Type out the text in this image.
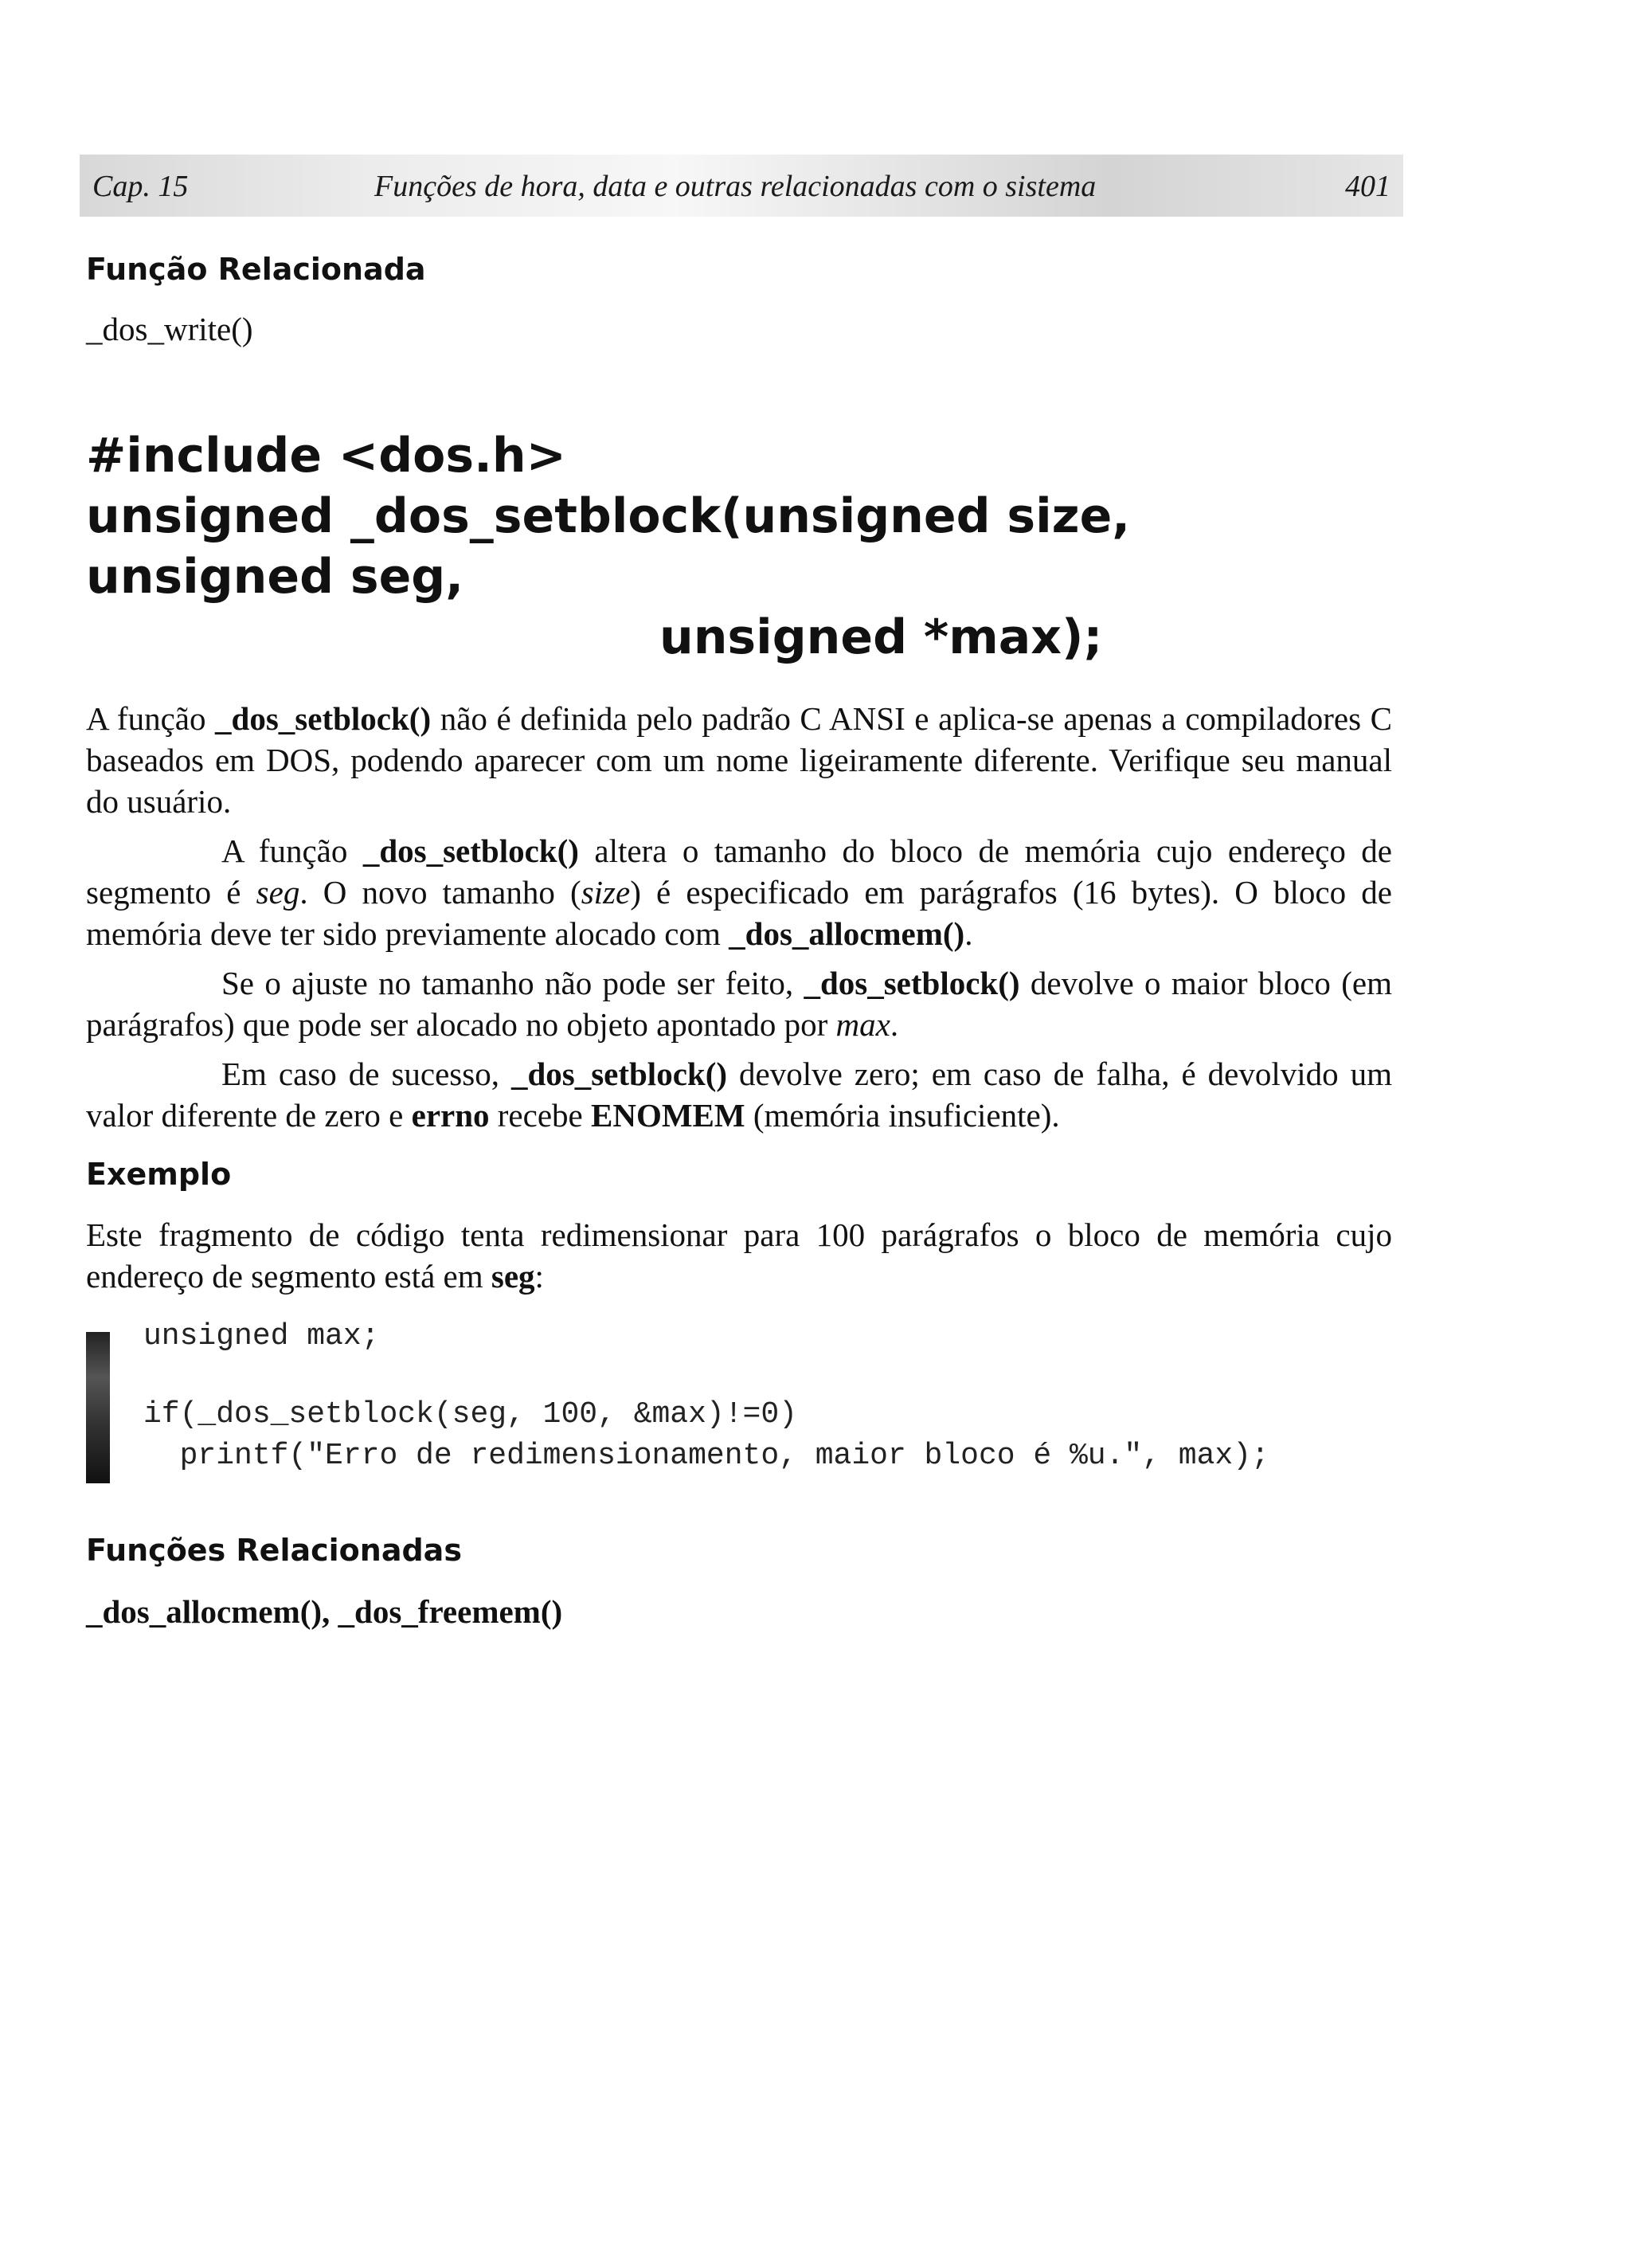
Cap. 15	Funções de hora, data e outras relacionadas com o sistema	401

Função Relacionada

_dos_write()

#include <dos.h>
unsigned _dos_setblock(unsigned size, unsigned seg,
unsigned *max);

A função _dos_setblock() não é definida pelo padrão C ANSI e aplica-se apenas a compiladores C baseados em DOS, podendo aparecer com um nome ligeiramente diferente. Verifique seu manual do usuário.

A função _dos_setblock() altera o tamanho do bloco de memória cujo endereço de segmento é seg. O novo tamanho (size) é especificado em parágrafos (16 bytes). O bloco de memória deve ter sido previamente alocado com _dos_allocmem().

Se o ajuste no tamanho não pode ser feito, _dos_setblock() devolve o maior bloco (em parágrafos) que pode ser alocado no objeto apontado por max.

Em caso de sucesso, _dos_setblock() devolve zero; em caso de falha, é devolvido um valor diferente de zero e errno recebe ENOMEM (memória insuficiente).

Exemplo

Este fragmento de código tenta redimensionar para 100 parágrafos o bloco de memória cujo endereço de segmento está em seg:

unsigned max;

if(_dos_setblock(seg, 100, &max)!=0)

printf("Erro de redimensionamento, maior bloco é %u.", max);

Funções Relacionadas

_dos_allocmem(), _dos_freemem()
